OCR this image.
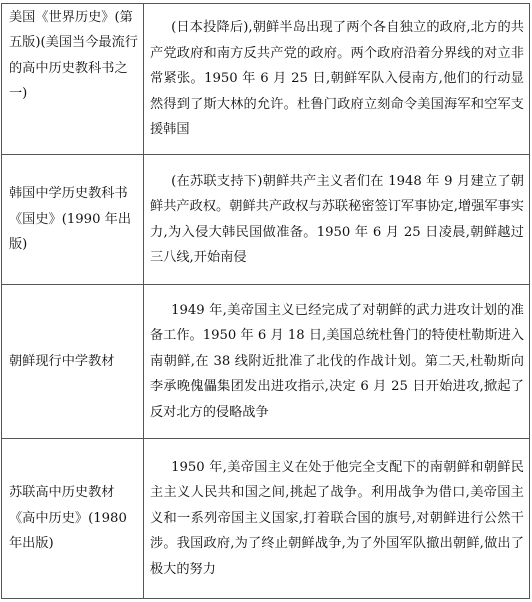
美国《世界历史》(第五版)(美国当今最流行的高中历史教科书之一)	(日本投降后),朝鲜半岛出现了两个各自独立的政府,北方的共产党政府和南方反共产党的政府。两个政府沿着分界线的对立非常紧张。1950 年 6 月 25 日,朝鲜军队入侵南方,他们的行动显然得到了斯大林的允许。杜鲁门政府立刻命令美国海军和空军支援韩国
韩国中学历史教科书《国史》(1990 年出版)	(在苏联支持下)朝鲜共产主义者们在 1948 年 9 月建立了朝鲜共产政权。朝鲜共产政权与苏联秘密签订军事协定,增强军事实力,为入侵大韩民国做准备。1950 年 6 月 25 日凌晨,朝鲜越过三八线,开始南侵
朝鲜现行中学教材	1949 年,美帝国主义已经完成了对朝鲜的武力进攻计划的准备工作。1950 年 6 月 18 日,美国总统杜鲁门的特使杜勒斯进入南朝鲜,在 38 线附近批准了北伐的作战计划。第二天,杜勒斯向李承晚傀儡集团发出进攻指示,决定 6 月 25 日开始进攻,掀起了反对北方的侵略战争
苏联高中历史教材《高中历史》(1980 年出版)	1950 年,美帝国主义在处于他完全支配下的南朝鲜和朝鲜民主主义人民共和国之间,挑起了战争。利用战争为借口,美帝国主义和一系列帝国主义国家,打着联合国的旗号,对朝鲜进行公然干涉。我国政府,为了终止朝鲜战争,为了外国军队撤出朝鲜,做出了极大的努力
